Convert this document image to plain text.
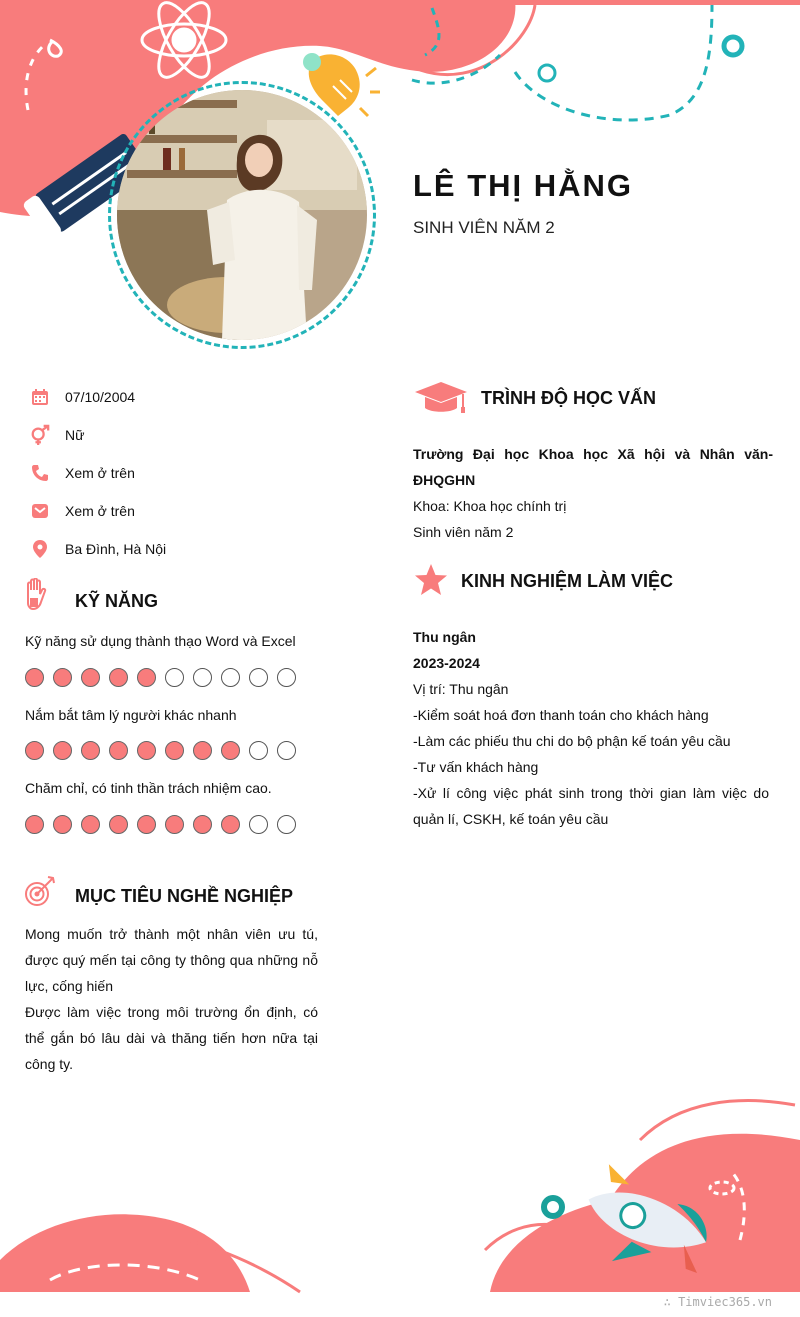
LÊ THỊ HẰNG
SINH VIÊN NĂM 2
07/10/2004
Nữ
Xem ở trên
Xem ở trên
Ba Đình, Hà Nội
KỸ NĂNG
Kỹ năng sử dụng thành thạo Word và Excel
Nắm bắt tâm lý người khác nhanh
Chăm chỉ, có tinh thần trách nhiệm cao.
MỤC TIÊU NGHỀ NGHIỆP

Mong muốn trở thành một nhân viên ưu tú, được quý mến tại công ty thông qua những nỗ lực, cống hiến

Được làm việc trong môi trường ổn định, có thể gắn bó lâu dài và thăng tiến hơn nữa tại công ty.

TRÌNH ĐỘ HỌC VẤN

Trường Đại học Khoa học Xã hội và Nhân văn- ĐHQGHN

Khoa: Khoa học chính trị

Sinh viên năm 2

KINH NGHIỆM LÀM VIỆC

Thu ngân

2023-2024

Vị trí: Thu ngân

-Kiểm soát hoá đơn thanh toán cho khách hàng

-Làm các phiếu thu chi do bộ phận kế toán yêu cầu

-Tư vấn khách hàng

-Xử lí công việc phát sinh trong thời gian làm việc do quản lí, CSKH, kế toán yêu cầu

∴ Timviec365.vn
